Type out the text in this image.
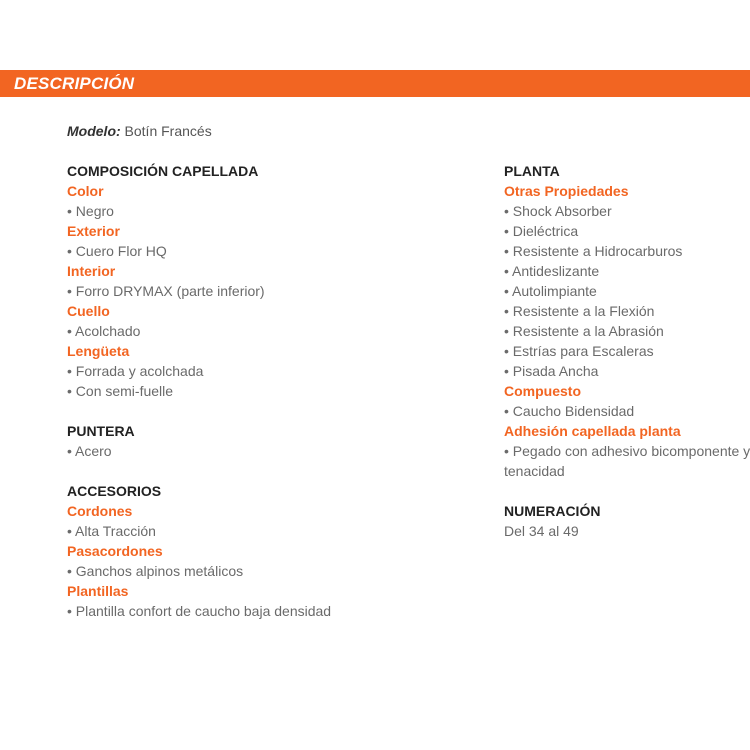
DESCRIPCIÓN
Modelo: Botín Francés
COMPOSICIÓN CAPELLADA
Color
• Negro
Exterior
• Cuero Flor HQ
Interior
• Forro DRYMAX (parte inferior)
Cuello
• Acolchado
Lengüeta
• Forrada y acolchada
• Con semi-fuelle
PUNTERA
• Acero
ACCESORIOS
Cordones
• Alta Tracción
Pasacordones
• Ganchos alpinos metálicos
Plantillas
• Plantilla confort de caucho baja densidad
PLANTA
Otras Propiedades
• Shock Absorber
• Dieléctrica
• Resistente a Hidrocarburos
• Antideslizante
• Autolimpiante
• Resistente a la Flexión
• Resistente a la Abrasión
• Estrías para Escaleras
• Pisada Ancha
Compuesto
• Caucho Bidensidad
Adhesión capellada planta
• Pegado con adhesivo bicomponente y
tenacidad
NUMERACIÓN
Del 34 al 49
